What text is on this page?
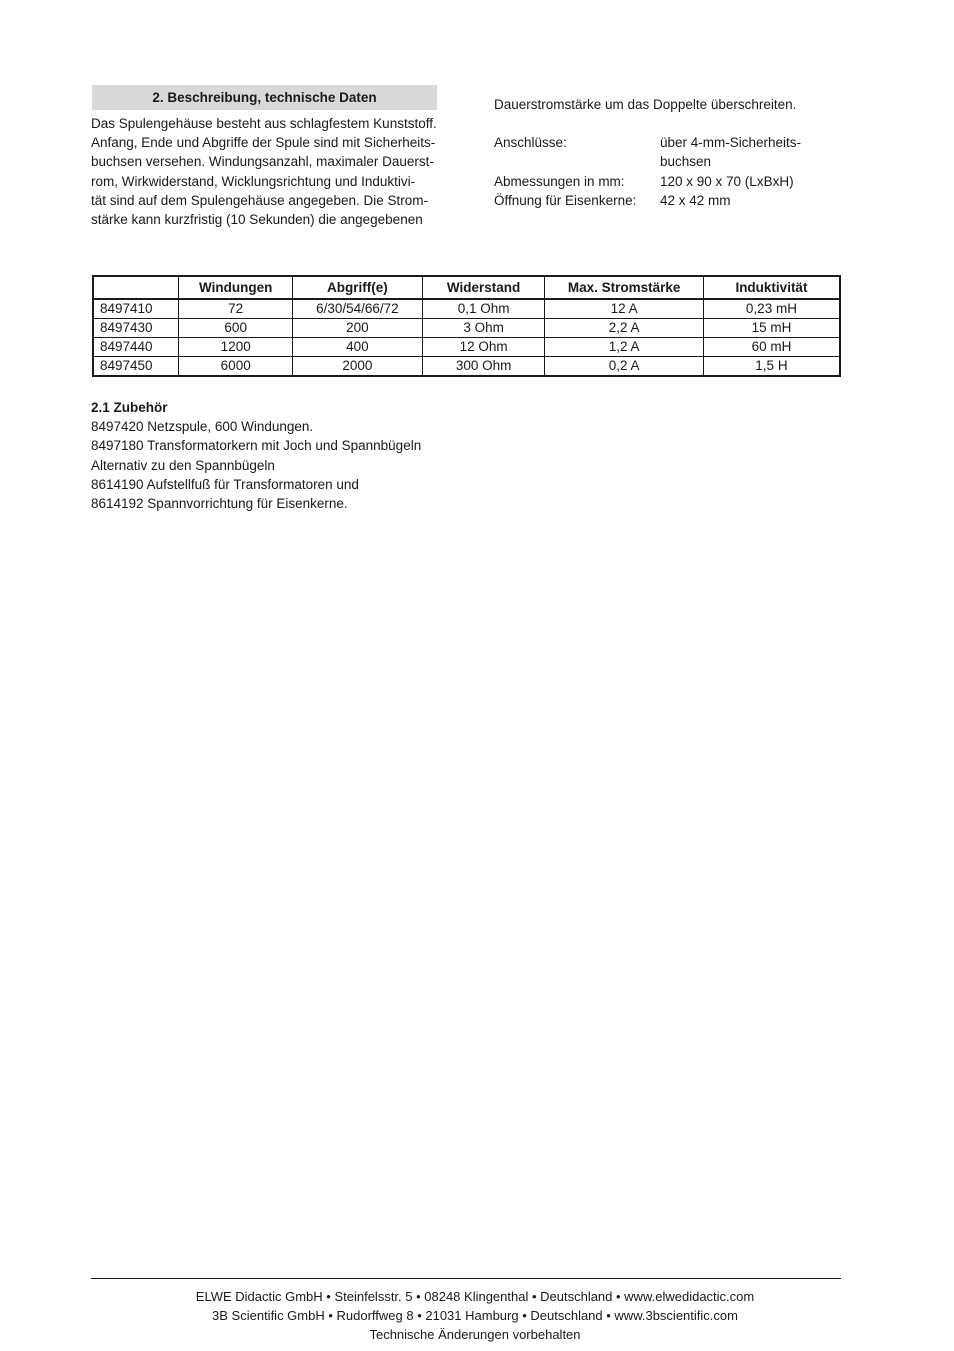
2. Beschreibung, technische Daten
Das Spulengehäuse besteht aus schlagfestem Kunststoff.
Anfang, Ende und Abgriffe der Spule sind mit Sicherheits-
buchsen versehen. Windungsanzahl, maximaler Dauerst-
rom, Wirkwiderstand, Wicklungsrichtung und Induktivi-
tät sind auf dem Spulengehäuse angegeben. Die Strom-
stärke kann kurzfristig (10 Sekunden) die angegebenen
Dauerstromstärke um das Doppelte überschreiten.
Anschlüsse:	über 4-mm-Sicherheits-
buchsen
Abmessungen in mm:	120 x 90 x 70 (LxBxH)
Öffnung für Eisenkerne: 42 x 42 mm
	Windungen	Abgriff(e)	Widerstand	Max. Stromstärke	Induktivität
8497410	72	6/30/54/66/72	0,1 Ohm	12 A	0,23 mH
8497430	600	200	3 Ohm	2,2 A	15 mH
8497440	1200	400	12 Ohm	1,2 A	60 mH
8497450	6000	2000	300 Ohm	0,2 A	1,5 H
2.1 Zubehör
8497420 Netzspule, 600 Windungen.
8497180 Transformatorkern mit Joch und Spannbügeln
Alternativ zu den Spannbügeln
8614190 Aufstellfuß für Transformatoren und
8614192 Spannvorrichtung für Eisenkerne.
ELWE Didactic GmbH • Steinfelsstr. 5 • 08248 Klingenthal • Deutschland • www.elwedidactic.com
3B Scientific GmbH • Rudorffweg 8 • 21031 Hamburg • Deutschland • www.3bscientific.com
Technische Änderungen vorbehalten
